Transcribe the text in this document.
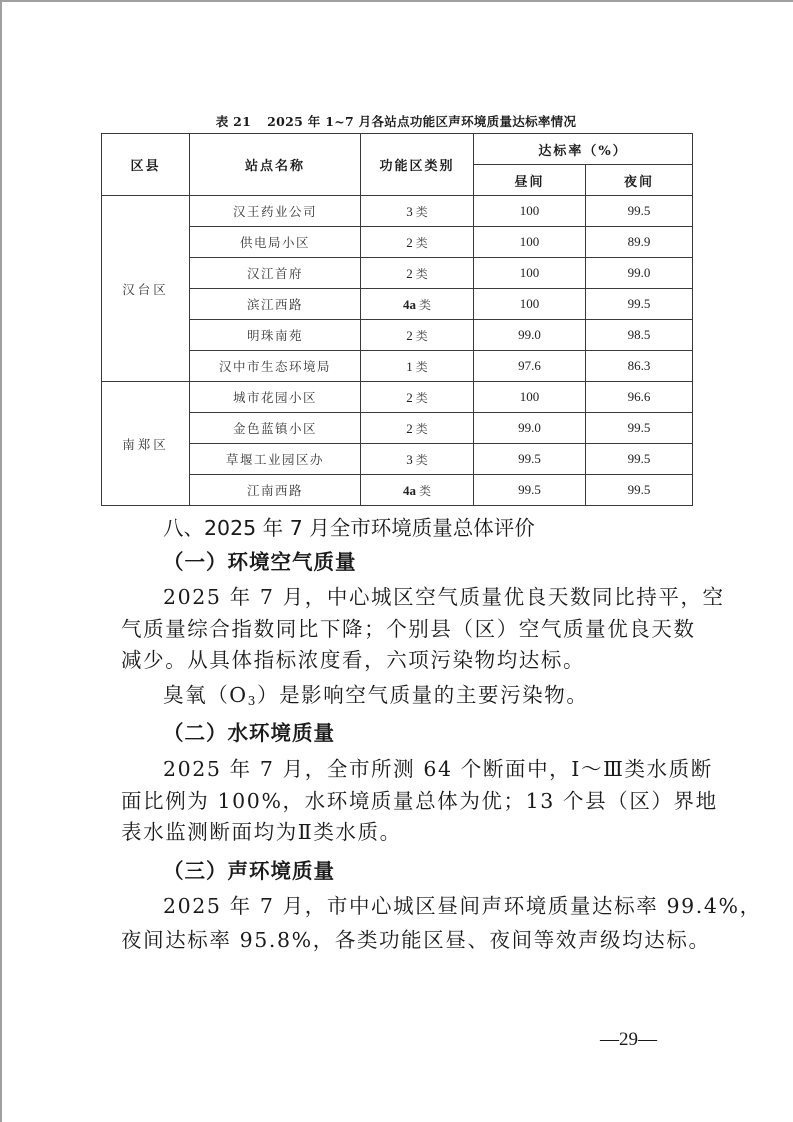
表 21 2025 年 1~7 月各站点功能区声环境质量达标率情况
区县	站点名称	功能区类别	达标率（%）	
			昼间	夜间
汉台区	汉王药业公司	3 类	100	99.5
	供电局小区	2 类	100	89.9
	汉江首府	2 类	100	99.0
	滨江西路	4a 类	100	99.5
	明珠南苑	2 类	99.0	98.5
	汉中市生态环境局	1 类	97.6	86.3
南郑区	城市花园小区	2 类	100	96.6
	金色蓝镇小区	2 类	99.0	99.5
	草堰工业园区办	3 类	99.5	99.5
	江南西路	4a 类	99.5	99.5
八、2025 年 7 月全市环境质量总体评价
（一）环境空气质量
2025 年 7 月，中心城区空气质量优良天数同比持平，空
气质量综合指数同比下降；个别县（区）空气质量优良天数
减少。从具体指标浓度看，六项污染物均达标。
臭氧$(O_3)$是影响空气质量的主要污染物。
（二）水环境质量
2025 年 7 月，全市所测 64 个断面中，Ⅰ～Ⅲ类水质断
面比例为 100%，水环境质量总体为优；13 个县（区）界地
表水监测断面均为Ⅱ类水质。
（三）声环境质量
2025 年 7 月，市中心城区昼间声环境质量达标率 99.4%，
夜间达标率 95.8%，各类功能区昼、夜间等效声级均达标。
—29—
